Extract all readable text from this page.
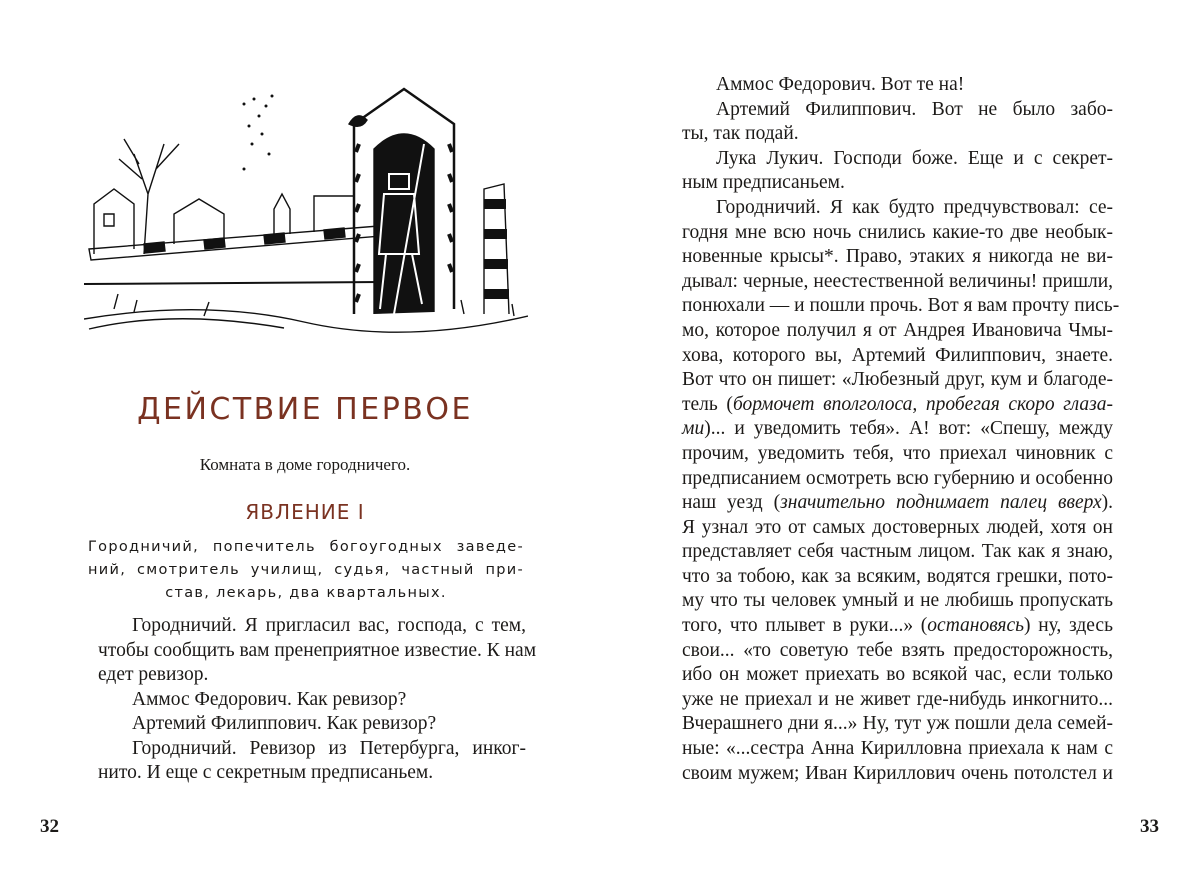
ДЕЙСТВИЕ ПЕРВОЕ
Комната в доме городничего.
ЯВЛЕНИЕ I
Городничий, попечитель богоугодных заведе-
ний, смотритель училищ, судья, частный при-
став, лекарь, два квартальных.
Городничий. Я пригласил вас, господа, с тем,
чтобы сообщить вам пренеприятное известие. К нам
едет ревизор.
Аммос Федорович. Как ревизор?
Артемий Филиппович. Как ревизор?
Городничий. Ревизор из Петербурга, инког-
нито. И еще с секретным предписаньем.
32
Аммос Федорович. Вот те на!
Артемий Филиппович. Вот не было забо-
ты, так подай.
Лука Лукич. Господи боже. Еще и с секрет-
ным предписаньем.
Городничий. Я как будто предчувствовал: се-
годня мне всю ночь снились какие-то две необык-
новенные крысы*. Право, этаких я никогда не ви-
дывал: черные, неестественной величины! пришли,
понюхали — и пошли прочь. Вот я вам прочту пись-
мо, которое получил я от Андрея Ивановича Чмы-
хова, которого вы, Артемий Филиппович, знаете.
Вот что он пишет: «Любезный друг, кум и благоде-
тель (бормочет вполголоса, пробегая скоро глаза-
ми)... и уведомить тебя». А! вот: «Спешу, между
прочим, уведомить тебя, что приехал чиновник с
предписанием осмотреть всю губернию и особенно
наш уезд (значительно поднимает палец вверх).
Я узнал это от самых достоверных людей, хотя он
представляет себя частным лицом. Так как я знаю,
что за тобою, как за всяким, водятся грешки, пото-
му что ты человек умный и не любишь пропускать
того, что плывет в руки...» (остановясь) ну, здесь
свои... «то советую тебе взять предосторожность,
ибо он может приехать во всякой час, если только
уже не приехал и не живет где-нибудь инкогнито...
Вчерашнего дни я...» Ну, тут уж пошли дела семей-
ные: «...сестра Анна Кирилловна приехала к нам с
своим мужем; Иван Кириллович очень потолстел и
33
